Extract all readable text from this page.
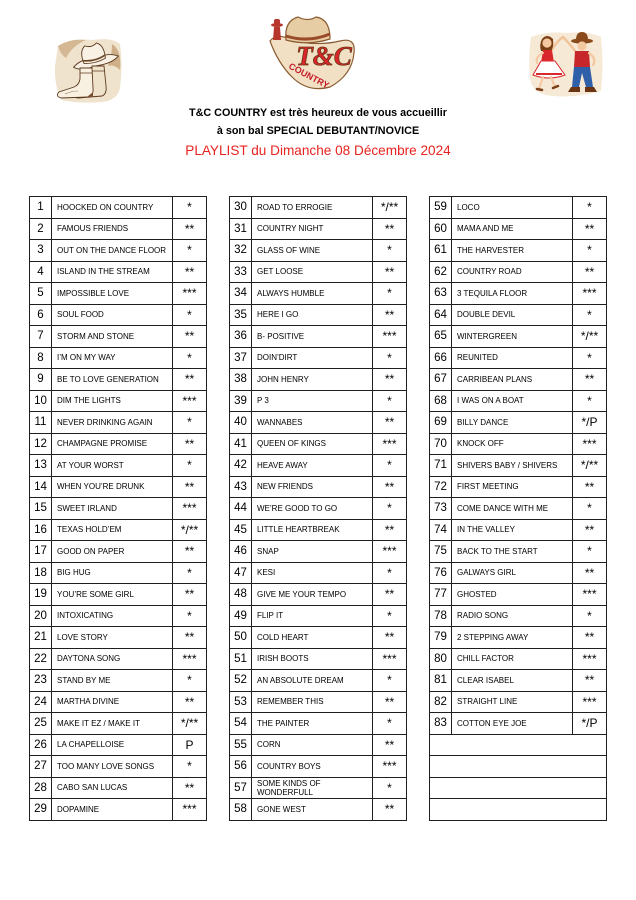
T&C
COUNTRY
T&C COUNTRY est très heureux de vous accueillir
à son bal SPECIAL DEBUTANT/NOVICE
PLAYLIST du Dimanche 08 Décembre 2024
1	HOOCKED ON COUNTRY	*
2	FAMOUS FRIENDS	**
3	OUT ON THE DANCE FLOOR	*
4	ISLAND IN THE STREAM	**
5	IMPOSSIBLE LOVE	***
6	SOUL FOOD	*
7	STORM AND STONE	**
8	I’M ON MY WAY	*
9	BE TO LOVE GENERATION	**
10	DIM THE LIGHTS	***
11	NEVER DRINKING AGAIN	*
12	CHAMPAGNE PROMISE	**
13	AT YOUR WORST	*
14	WHEN YOU’RE DRUNK	**
15	SWEET IRLAND	***
16	TEXAS HOLD’EM	*/**
17	GOOD ON PAPER	**
18	BIG HUG	*
19	YOU’RE SOME GIRL	**
20	INTOXICATING	*
21	LOVE STORY	**
22	DAYTONA SONG	***
23	STAND BY ME	*
24	MARTHA DIVINE	**
25	MAKE IT EZ / MAKE IT	*/**
26	LA CHAPELLOISE	P
27	TOO MANY LOVE SONGS	*
28	CABO SAN LUCAS	**
29	DOPAMINE	***
30	ROAD TO ERROGIE	*/**
31	COUNTRY NIGHT	**
32	GLASS OF WINE	*
33	GET LOOSE	**
34	ALWAYS HUMBLE	*
35	HERE I GO	**
36	B- POSITIVE	***
37	DOIN’DIRT	*
38	JOHN HENRY	**
39	P 3	*
40	WANNABES	**
41	QUEEN OF KINGS	***
42	HEAVE AWAY	*
43	NEW FRIENDS	**
44	WE’RE GOOD TO GO	*
45	LITTLE HEARTBREAK	**
46	SNAP	***
47	KESI	*
48	GIVE ME YOUR TEMPO	**
49	FLIP IT	*
50	COLD HEART	**
51	IRISH BOOTS	***
52	AN ABSOLUTE DREAM	*
53	REMEMBER THIS	**
54	THE PAINTER	*
55	CORN	**
56	COUNTRY BOYS	***
57	SOME KINDS OF WONDERFULL	*
58	GONE WEST	**
59	LOCO	*
60	MAMA AND ME	**
61	THE HARVESTER	*
62	COUNTRY ROAD	**
63	3 TEQUILA FLOOR	***
64	DOUBLE DEVIL	*
65	WINTERGREEN	*/**
66	REUNITED	*
67	CARRIBEAN PLANS	**
68	I WAS ON A BOAT	*
69	BILLY DANCE	*/P
70	KNOCK OFF	***
71	SHIVERS BABY / SHIVERS	*/**
72	FIRST MEETING	**
73	COME DANCE WITH ME	*
74	IN THE VALLEY	**
75	BACK TO THE START	*
76	GALWAYS GIRL	**
77	GHOSTED	***
78	RADIO SONG	*
79	2 STEPPING AWAY	**
80	CHILL FACTOR	***
81	CLEAR ISABEL	**
82	STRAIGHT LINE	***
83	COTTON EYE JOE	*/P
